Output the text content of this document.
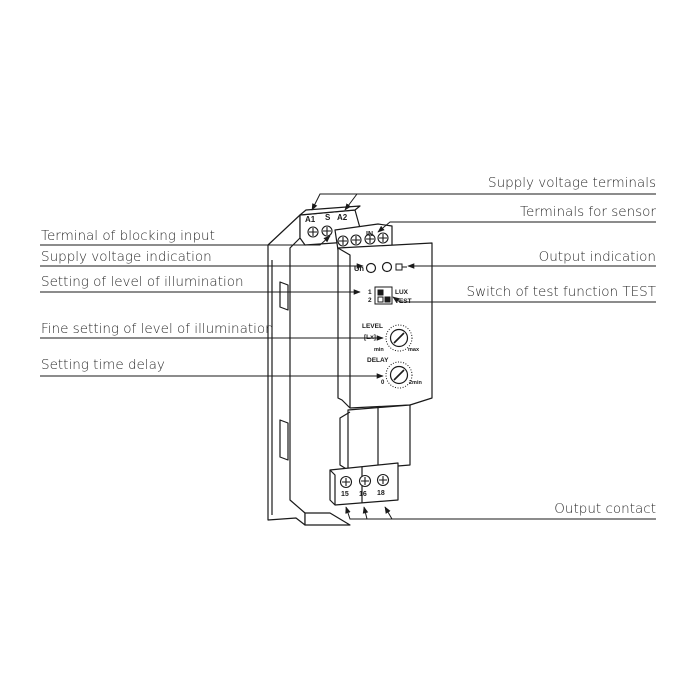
A1 S A2
IN
Un
1
2
LUX
TEST
LEVEL
[Lx]
min	max
DELAY
0	2min
15 16 18
Supply voltage terminals
Terminals for sensor
Terminal of blocking input
Supply voltage indication	Output indication
Setting of level of illumination
Switch of test function TEST
Fine setting of level of illumination
Setting time delay
Output contact
